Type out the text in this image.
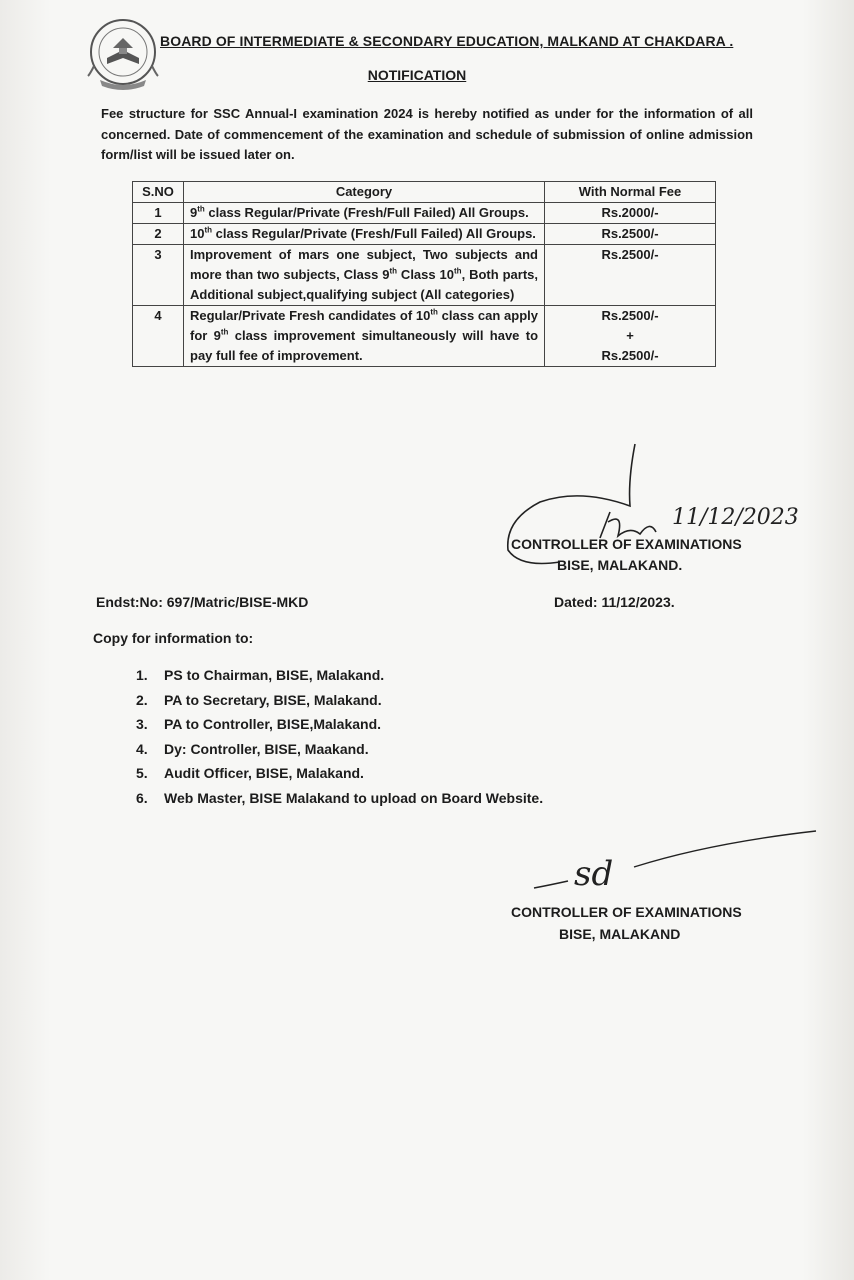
BOARD OF INTERMEDIATE & SECONDARY EDUCATION, MALKAND AT CHAKDARA .
NOTIFICATION
Fee structure for SSC Annual-I examination 2024 is hereby notified as under for the information of all concerned. Date of commencement of the examination and schedule of submission of online admission form/list will be issued later on.
S.NO	Category	With Normal Fee
1	9th class Regular/Private (Fresh/Full Failed) All Groups.	Rs.2000/-
2	10th class Regular/Private (Fresh/Full Failed) All Groups.	Rs.2500/-
3	Improvement of mars one subject, Two subjects and more than two subjects, Class 9th Class 10th, Both parts, Additional subject,qualifying subject (All categories)	Rs.2500/-
4	Regular/Private Fresh candidates of 10th class can apply for 9th class improvement simultaneously will have to pay full fee of improvement.	Rs.2500/-
+
Rs.2500/-
11/12/2023
CONTROLLER OF EXAMINATIONS
BISE, MALAKAND.
Endst:No: 697/Matric/BISE-MKD	Dated: 11/12/2023.
Copy for information to:
1. PS to Chairman, BISE, Malakand.
2. PA to Secretary, BISE, Malakand.
3. PA to Controller, BISE,Malakand.
4. Dy: Controller, BISE, Maakand.
5. Audit Officer, BISE, Malakand.
6. Web Master, BISE Malakand to upload on Board Website.
sd
CONTROLLER OF EXAMINATIONS
BISE, MALAKAND
